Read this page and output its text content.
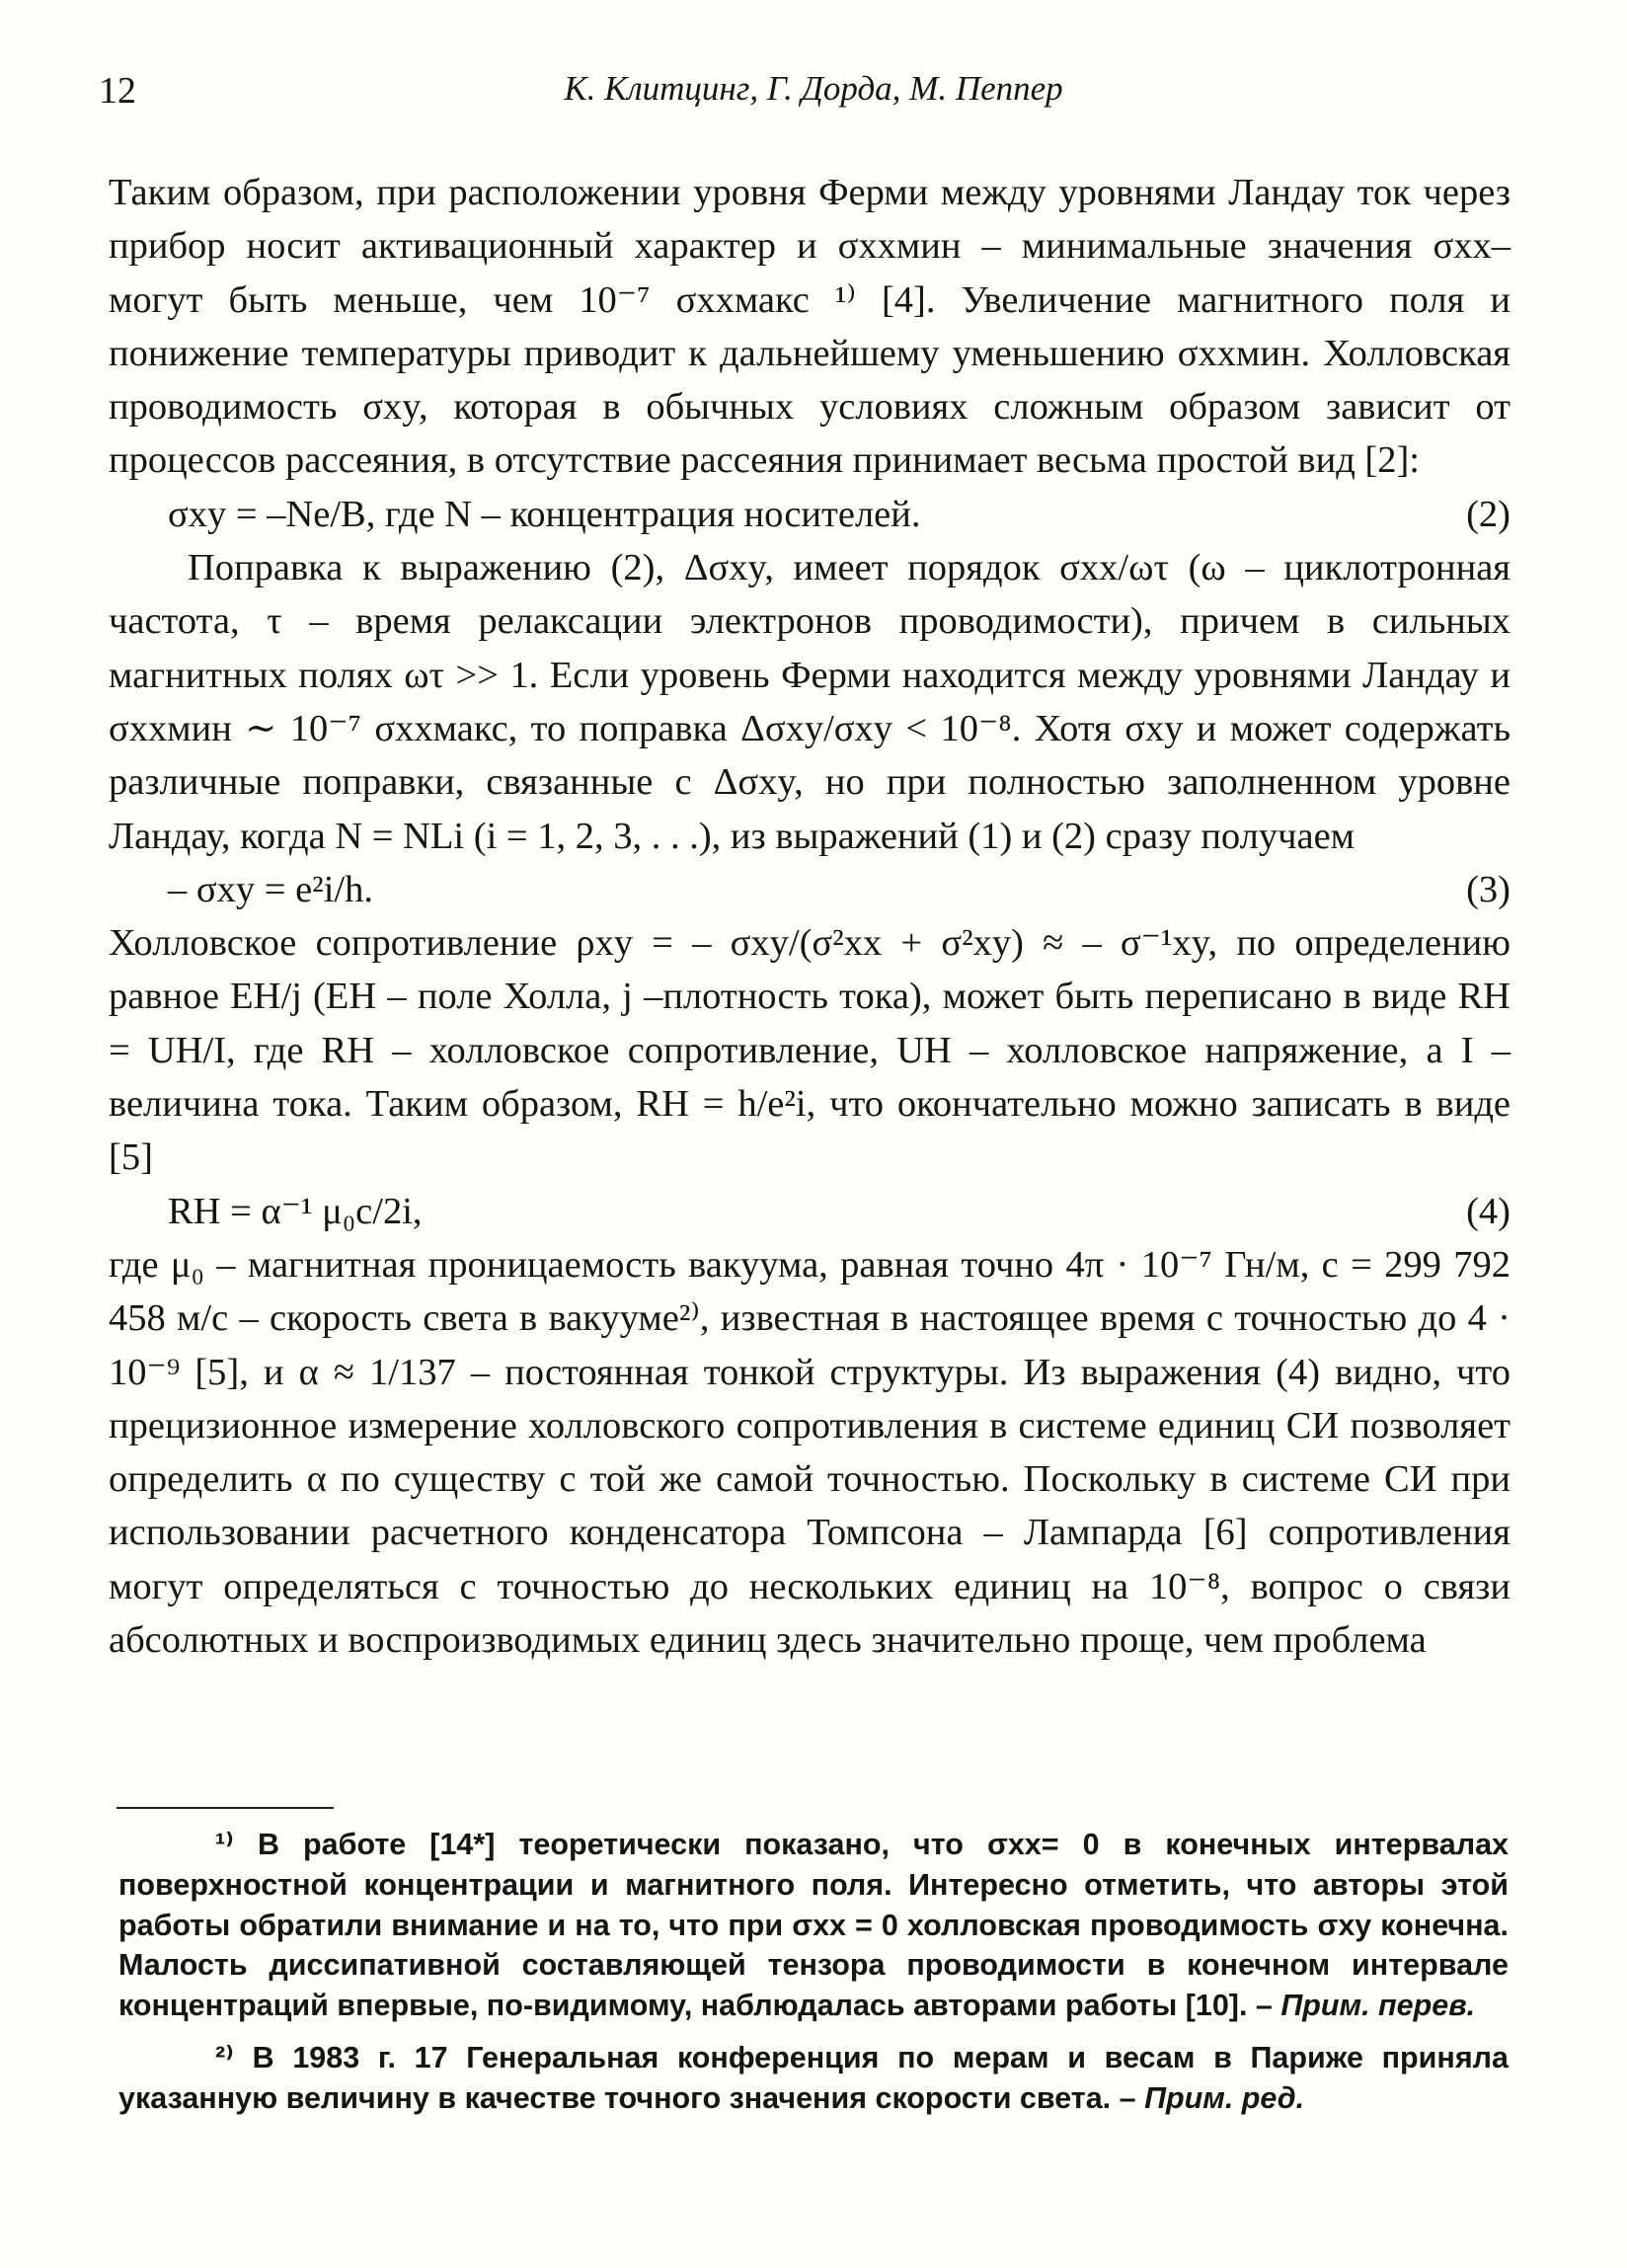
12	К. Клитцинг, Г. Дорда, М. Пеппер

Таким образом, при расположении уровня Ферми между уровнями Ландау ток через прибор носит активационный характер и σxxмин – минимальные значения σxx– могут быть меньше, чем 10⁻⁷ σxxмакс ¹⁾ [4]. Увеличение магнитного поля и понижение температуры приводит к дальнейшему уменьшению σxxмин. Холловская проводимость σxy, которая в обычных условиях сложным образом зависит от процессов рассеяния, в отсутствие рассеяния принимает весьма простой вид [2]:

σxy = –Ne/B, где N – концентрация носителей.	(2)

Поправка к выражению (2), Δσxy, имеет порядок σxx/ωτ (ω – циклотронная частота, τ – время релаксации электронов проводимости), причем в сильных магнитных полях ωτ >> 1. Если уровень Ферми находится между уровнями Ландау и σxxмин ∼ 10⁻⁷ σxxмакс, то поправка Δσxy/σxy < 10⁻⁸. Хотя σxy и может содержать различные поправки, связанные с Δσxy, но при полностью заполненном уровне Ландау, когда N = NLi (i = 1, 2, 3, . . .), из выражений (1) и (2) сразу получаем

– σxy = e²i/h.	(3)

Холловское сопротивление ρxy = – σxy/(σ²xx + σ²xy) ≈ – σ⁻¹xy, по определению равное EH/j (EH – поле Холла, j –плотность тока), может быть переписано в виде RH = UH/I, где RH – холловское сопротивление, UH – холловское напряжение, а I – величина тока. Таким образом, RH = h/e²i, что окончательно можно записать в виде [5]

RH = α⁻¹ μ₀c/2i,	(4)

где μ₀ – магнитная проницаемость вакуума, равная точно 4π · 10⁻⁷ Гн/м, c = 299 792 458 м/с – скорость света в вакууме²⁾, известная в настоящее время с точностью до 4 · 10⁻⁹ [5], и α ≈ 1/137 – постоянная тонкой структуры. Из выражения (4) видно, что прецизионное измерение холловского сопротивления в системе единиц СИ позволяет определить α по существу с той же самой точностью. Поскольку в системе СИ при использовании расчетного конденсатора Томпсона – Лампарда [6] сопротивления могут определяться с точностью до нескольких единиц на 10⁻⁸, вопрос о связи абсолютных и воспроизводимых единиц здесь значительно проще, чем проблема

¹⁾ В работе [14*] теоретически показано, что σxx= 0 в конечных интервалах поверхностной концентрации и магнитного поля. Интересно отметить, что авторы этой работы обратили внимание и на то, что при σxx = 0 холловская проводимость σxy конечна. Малость диссипативной составляющей тензора проводимости в конечном интервале концентраций впервые, по-видимому, наблюдалась авторами работы [10]. – Прим. перев.

²⁾ В 1983 г. 17 Генеральная конференция по мерам и весам в Париже приняла указанную величину в качестве точного значения скорости света. – Прим. ред.
